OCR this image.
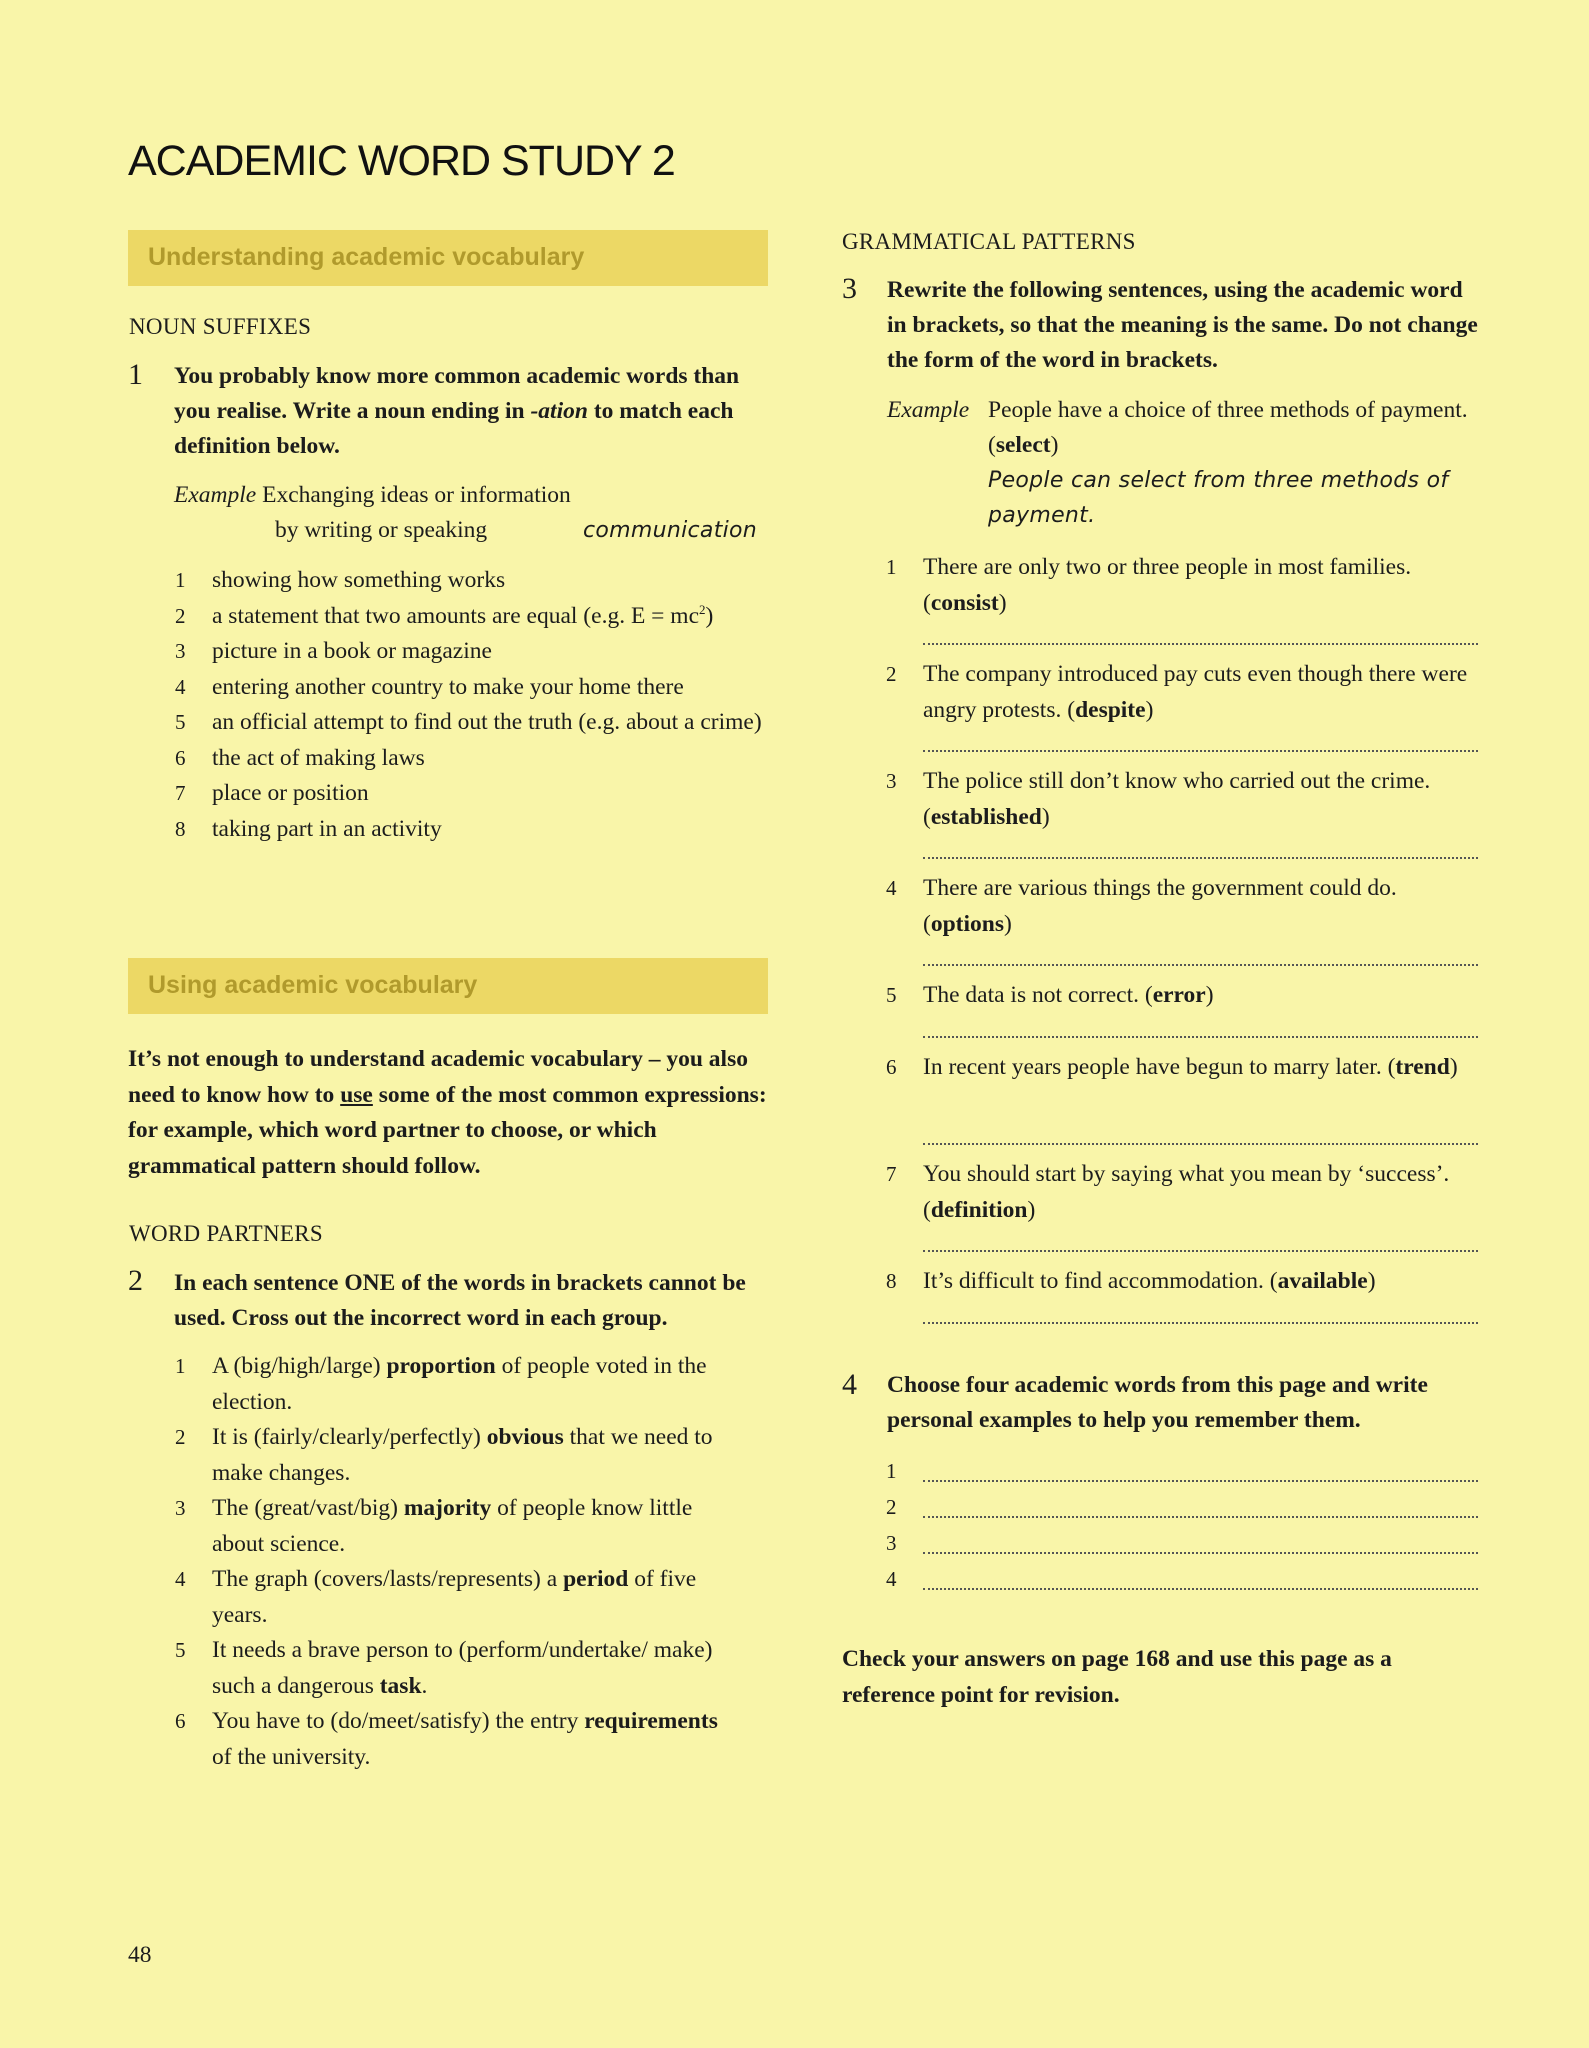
ACADEMIC WORD STUDY 2
Understanding academic vocabulary
NOUN SUFFIXES
1 You probably know more common academic words than you realise. Write a noun ending in -ation to match each definition below.
Example Exchanging ideas or information
by writing or speaking	communication
1 showing how something works
2 a statement that two amounts are equal (e.g. $E = mc^2$)
3 picture in a book or magazine
4 entering another country to make your home there
5 an official attempt to find out the truth (e.g. about a crime)
6 the act of making laws
7 place or position
8 taking part in an activity
Using academic vocabulary

It’s not enough to understand academic vocabulary – you also need to know how to use some of the most common expressions: for example, which word partner to choose, or which grammatical pattern should follow.

WORD PARTNERS
2 In each sentence ONE of the words in brackets cannot be used. Cross out the incorrect word in each group.
1 A (big/high/large) proportion of people voted in the election.
2 It is (fairly/clearly/perfectly) obvious that we need to make changes.
3 The (great/vast/big) majority of people know little about science.
4 The graph (covers/lasts/represents) a period of five years.
5 It needs a brave person to (perform/undertake/ make) such a dangerous task.
6 You have to (do/meet/satisfy) the entry requirements of the university.
GRAMMATICAL PATTERNS
3 Rewrite the following sentences, using the academic word in brackets, so that the meaning is the same. Do not change the form of the word in brackets.
Example People have a choice of three methods of payment. (select)
People can select from three methods of payment.
1	There are only two or three people in most families. (consist)
2	The company introduced pay cuts even though there were angry protests. (despite)
3	The police still don’t know who carried out the crime. (established)
4	There are various things the government could do. (options)
5	The data is not correct. (error)
6	In recent years people have begun to marry later. (trend)
7	You should start by saying what you mean by ‘success’. (definition)
8	It’s difficult to find accommodation. (available)
4 Choose four academic words from this page and write personal examples to help you remember them.
1
2
3
4

Check your answers on page 168 and use this page as a reference point for revision.

48
